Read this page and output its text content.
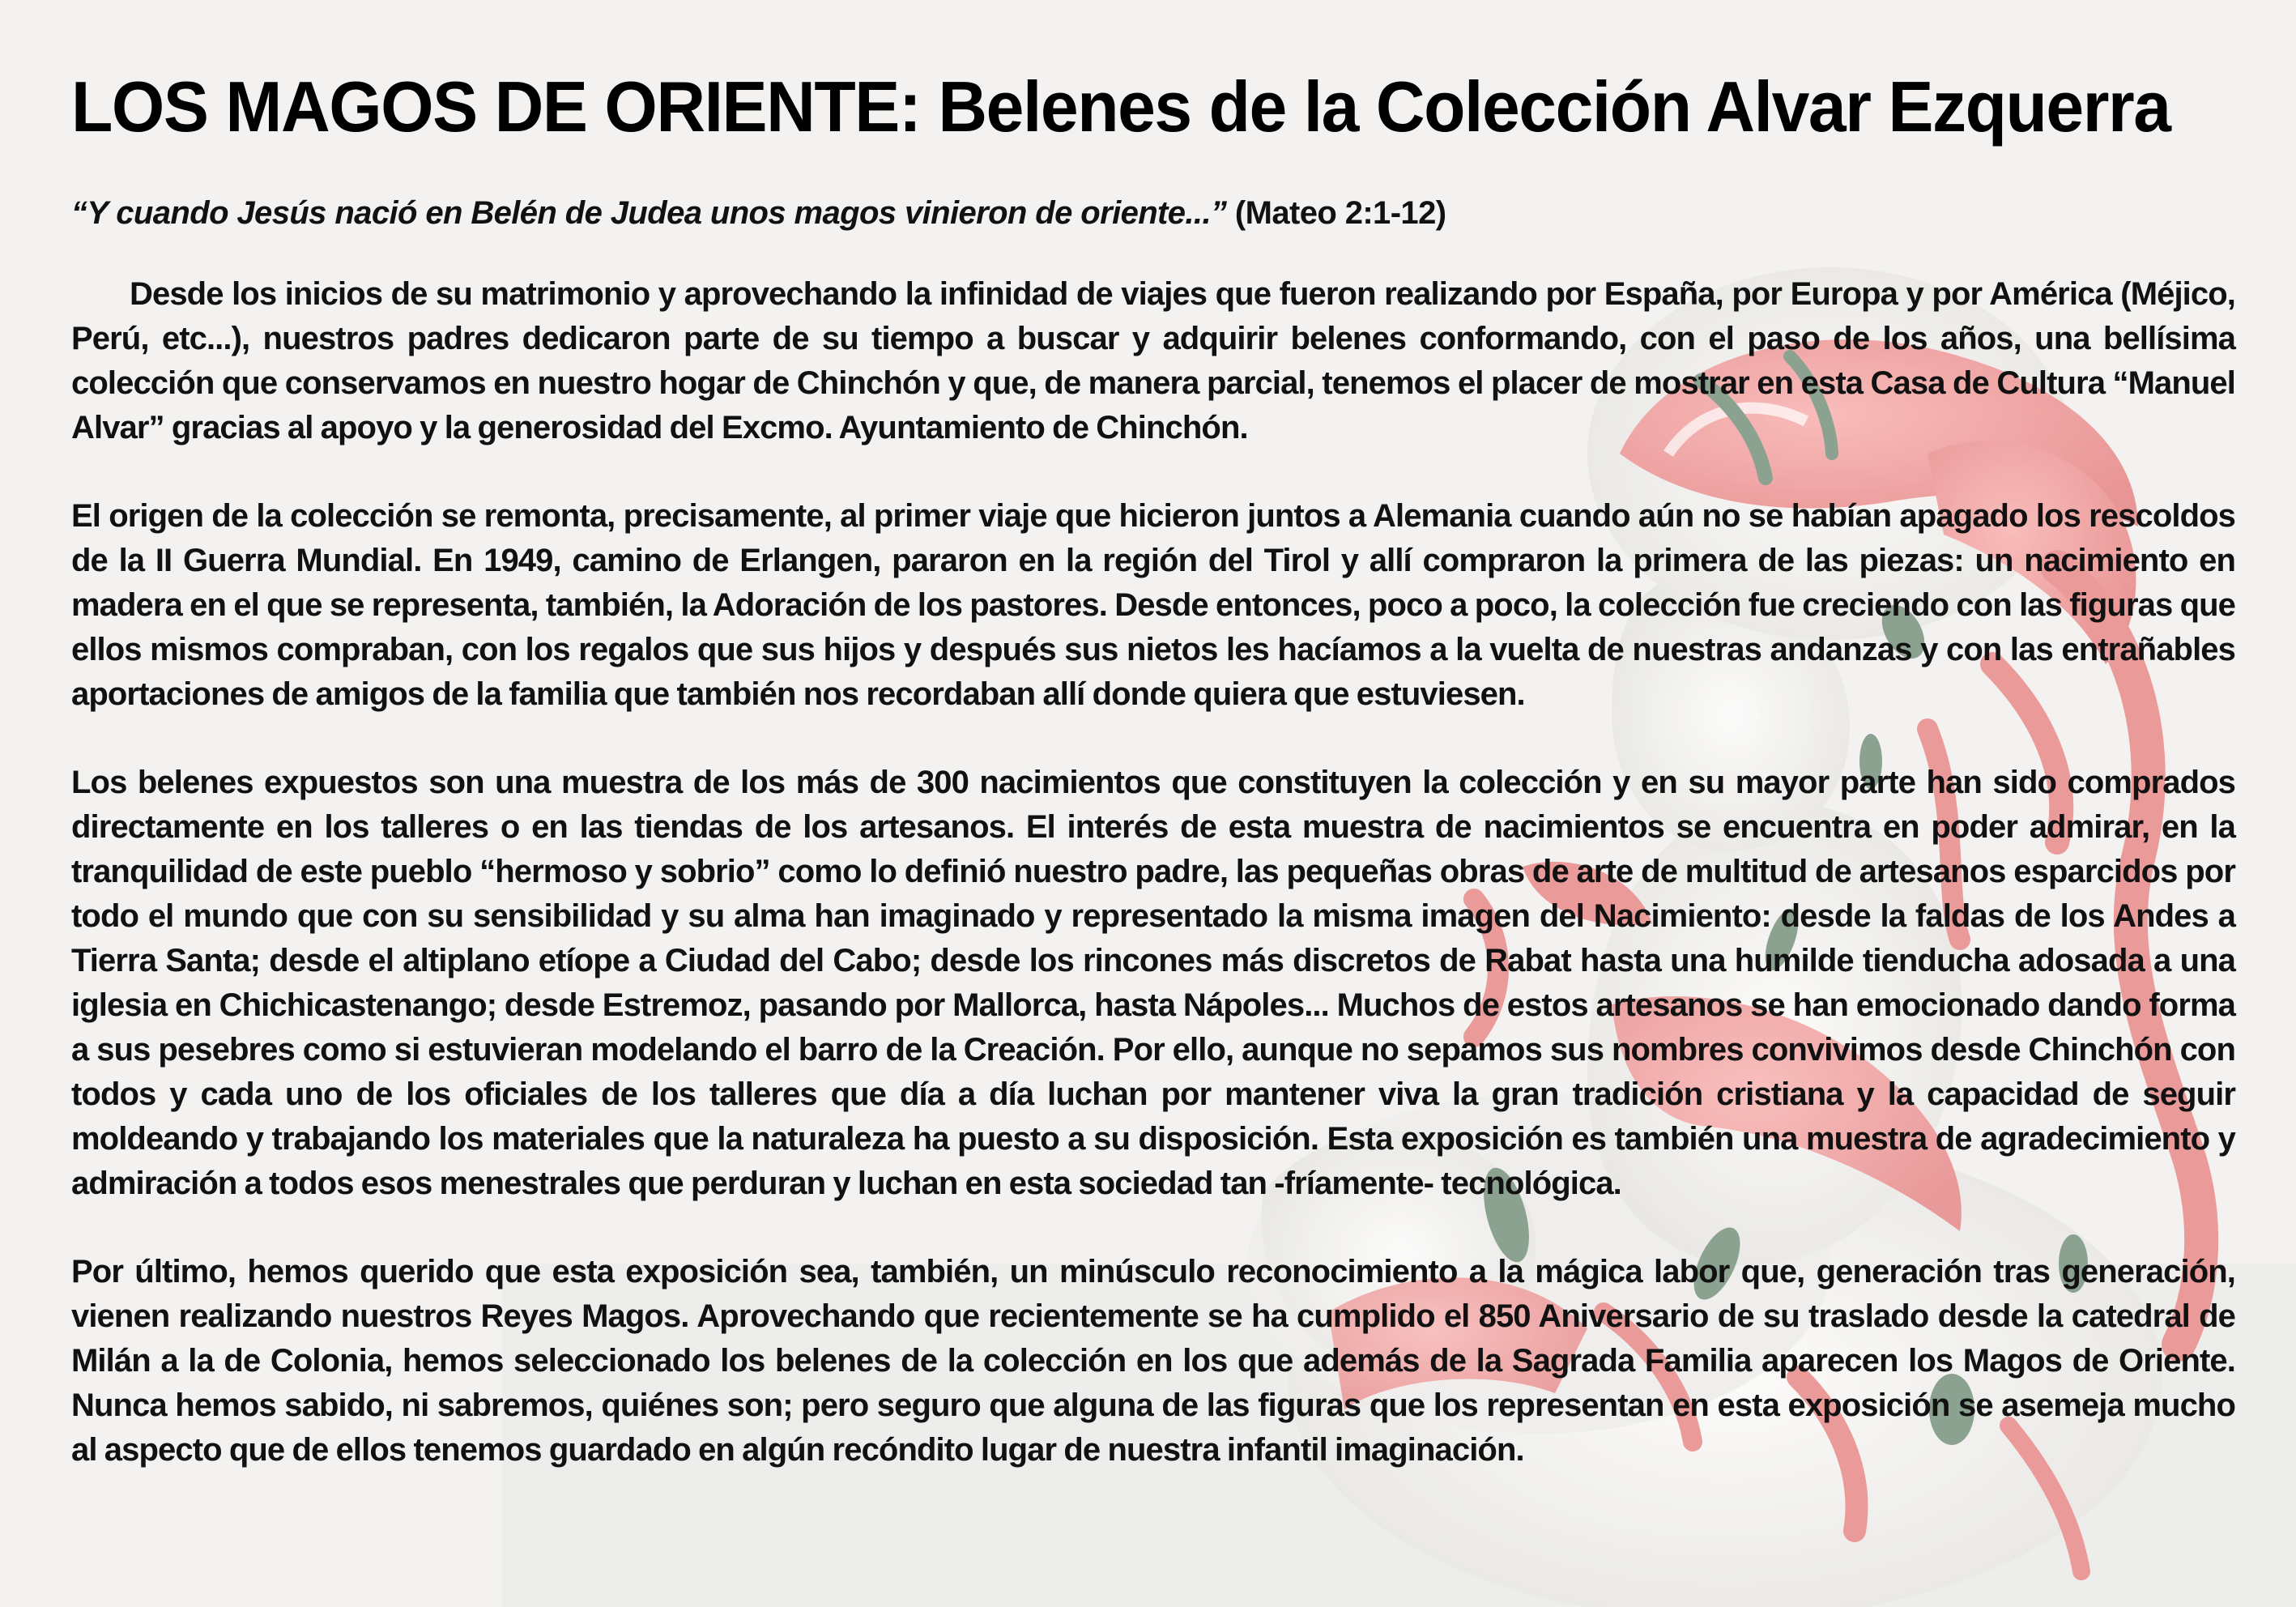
LOS MAGOS DE ORIENTE: Belenes de la Colección Alvar Ezquerra
“Y cuando Jesús nació en Belén de Judea unos magos vinieron de oriente...” (Mateo 2:1-12)

Desde los inicios de su matrimonio y aprovechando la infinidad de viajes que fueron realizando por España, por Europa y por América (Méjico, Perú, etc...), nuestros padres dedicaron parte de su tiempo a buscar y adquirir belenes conformando, con el paso de los años, una bellísima colección que conservamos en nuestro hogar de Chinchón y que, de manera parcial, tenemos el placer de mostrar en esta Casa de Cultura “Manuel Alvar” gracias al apoyo y la generosidad del Excmo. Ayuntamiento de Chinchón.

El origen de la colección se remonta, precisamente, al primer viaje que hicieron juntos a Alemania cuando aún no se habían apagado los rescoldos de la II Guerra Mundial. En 1949, camino de Erlangen, pararon en la región del Tirol y allí compraron la primera de las piezas: un nacimiento en madera en el que se representa, también, la Adoración de los pastores. Desde entonces, poco a poco, la colección fue creciendo con las figuras que ellos mismos compraban, con los regalos que sus hijos y después sus nietos les hacíamos a la vuelta de nuestras andanzas y con las entrañables aportaciones de amigos de la familia que también nos recordaban allí donde quiera que estuviesen.

Los belenes expuestos son una muestra de los más de 300 nacimientos que constituyen la colección y en su mayor parte han sido comprados directamente en los talleres o en las tiendas de los artesanos. El interés de esta muestra de nacimientos se encuentra en poder admirar, en la tranquilidad de este pueblo “hermoso y sobrio” como lo definió nuestro padre, las pequeñas obras de arte de multitud de artesanos esparcidos por todo el mundo que con su sensibilidad y su alma han imaginado y representado la misma imagen del Nacimiento: desde la faldas de los Andes a Tierra Santa; desde el altiplano etíope a Ciudad del Cabo; desde los rincones más discretos de Rabat hasta una humilde tienducha adosada a una iglesia en Chichicastenango; desde Estremoz, pasando por Mallorca, hasta Nápoles... Muchos de estos artesanos se han emocionado dando forma a sus pesebres como si estuvieran modelando el barro de la Creación. Por ello, aunque no sepamos sus nombres convivimos desde Chinchón con todos y cada uno de los oficiales de los talleres que día a día luchan por mantener viva la gran tradición cristiana y la capacidad de seguir moldeando y trabajando los materiales que la naturaleza ha puesto a su disposición. Esta exposición es también una muestra de agradecimiento y admiración a todos esos menestrales que perduran y luchan en esta sociedad tan -fríamente- tecnológica.

Por último, hemos querido que esta exposición sea, también, un minúsculo reconocimiento a la mágica labor que, generación tras generación, vienen realizando nuestros Reyes Magos. Aprovechando que recientemente se ha cumplido el 850 Aniversario de su traslado desde la catedral de Milán a la de Colonia, hemos seleccionado los belenes de la colección en los que además de la Sagrada Familia aparecen los Magos de Oriente. Nunca hemos sabido, ni sabremos, quiénes son; pero seguro que alguna de las figuras que los representan en esta exposición se asemeja mucho al aspecto que de ellos tenemos guardado en algún recóndito lugar de nuestra infantil imaginación.
